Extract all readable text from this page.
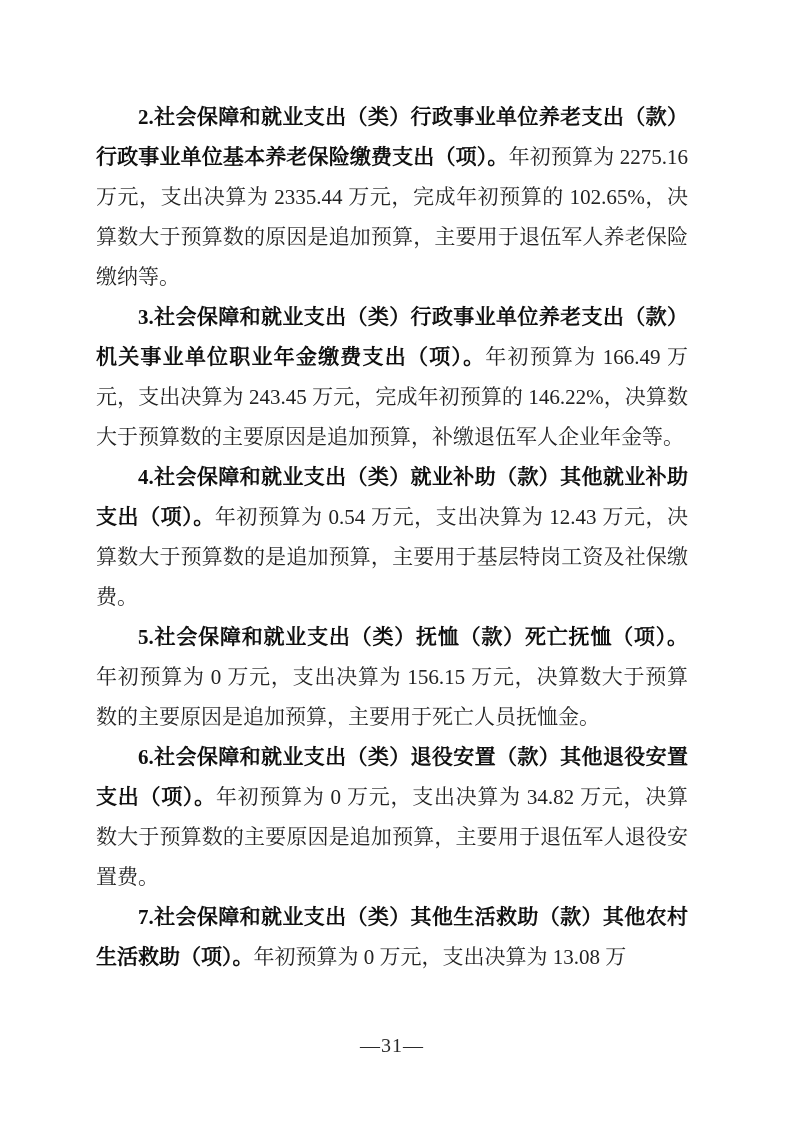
2.社会保障和就业支出（类）行政事业单位养老支出（款）行政事业单位基本养老保险缴费支出（项）。年初预算为 2275.16 万元，支出决算为 2335.44 万元，完成年初预算的 102.65%，决算数大于预算数的原因是追加预算，主要用于退伍军人养老保险缴纳等。

3.社会保障和就业支出（类）行政事业单位养老支出（款）机关事业单位职业年金缴费支出（项）。年初预算为 166.49 万元，支出决算为 243.45 万元，完成年初预算的 146.22%，决算数大于预算数的主要原因是追加预算，补缴退伍军人企业年金等。

4.社会保障和就业支出（类）就业补助（款）其他就业补助支出（项）。年初预算为 0.54 万元，支出决算为 12.43 万元，决算数大于预算数的是追加预算，主要用于基层特岗工资及社保缴费。

5.社会保障和就业支出（类）抚恤（款）死亡抚恤（项）。年初预算为 0 万元，支出决算为 156.15 万元，决算数大于预算数的主要原因是追加预算，主要用于死亡人员抚恤金。

6.社会保障和就业支出（类）退役安置（款）其他退役安置支出（项）。年初预算为 0 万元，支出决算为 34.82 万元，决算数大于预算数的主要原因是追加预算，主要用于退伍军人退役安置费。

7.社会保障和就业支出（类）其他生活救助（款）其他农村生活救助（项）。年初预算为 0 万元，支出决算为 13.08 万

—31—
